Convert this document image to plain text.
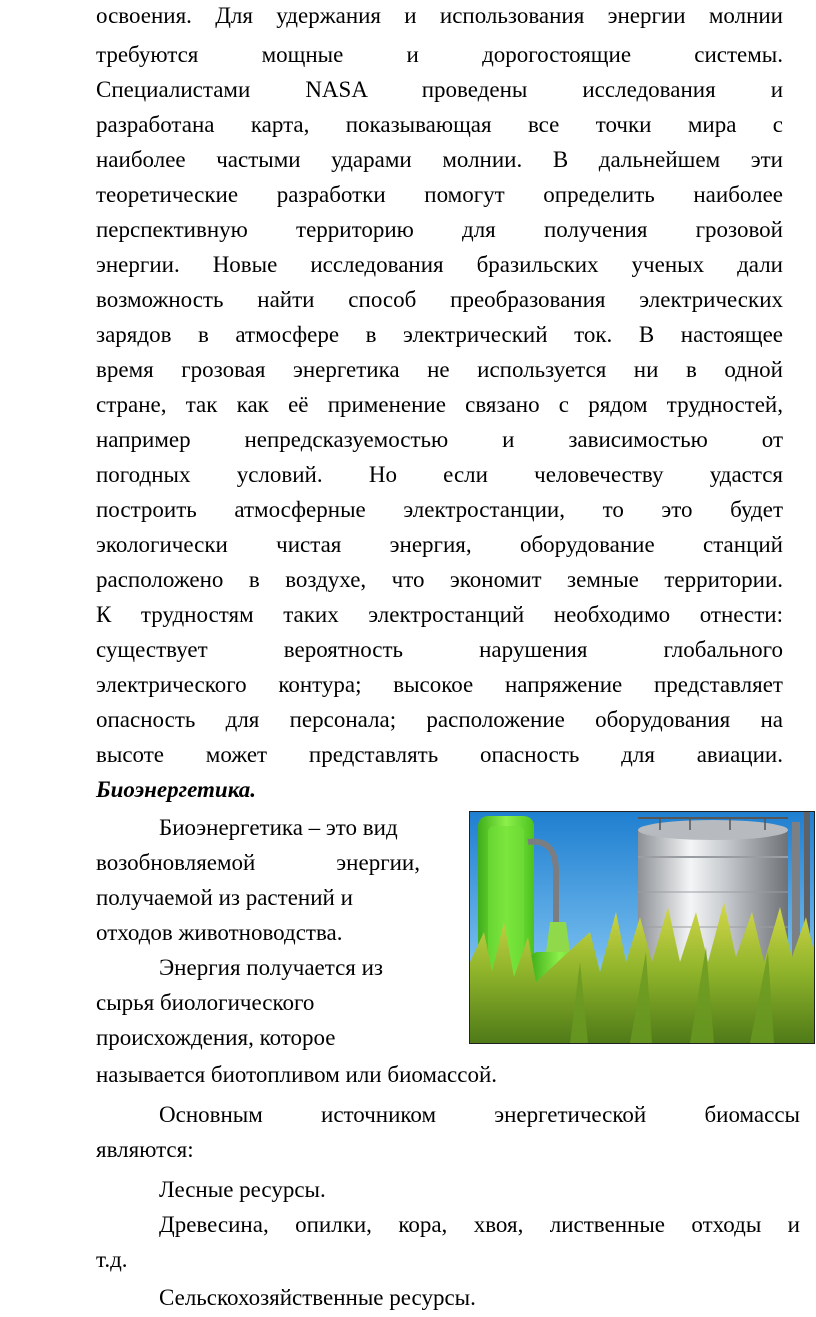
освоения. Для удержания и использования энергии молнии
требуются мощные и дорогостоящие системы.
Специалистами NASA проведены исследования и
разработана карта, показывающая все точки мира с
наиболее частыми ударами молнии. В дальнейшем эти
теоретические разработки помогут определить наиболее
перспективную территорию для получения грозовой
энергии. Новые исследования бразильских ученых дали
возможность найти способ преобразования электрических
зарядов в атмосфере в электрический ток. В настоящее
время грозовая энергетика не используется ни в одной
стране, так как её применение связано с рядом трудностей,
например непредсказуемостью и зависимостью от
погодных условий. Но если человечеству удастся
построить атмосферные электростанции, то это будет
экологически чистая энергия, оборудование станций
расположено в воздухе, что экономит земные территории.
К трудностям таких электростанций необходимо отнести:
существует вероятность нарушения глобального
электрического контура; высокое напряжение представляет
опасность для персонала; расположение оборудования на
высоте может представлять опасность для авиации.
Биоэнергетика.
Биоэнергетика – это вид
возобновляемой энергии,
получаемой из растений и
отходов животноводства.
Энергия получается из
сырья биологического
происхождения, которое
называется биотопливом или биомассой.
Основным источником энергетической биомассы
являются:
Лесные ресурсы.
Древесина, опилки, кора, хвоя, лиственные отходы и
т.д.
Сельскохозяйственные ресурсы.
